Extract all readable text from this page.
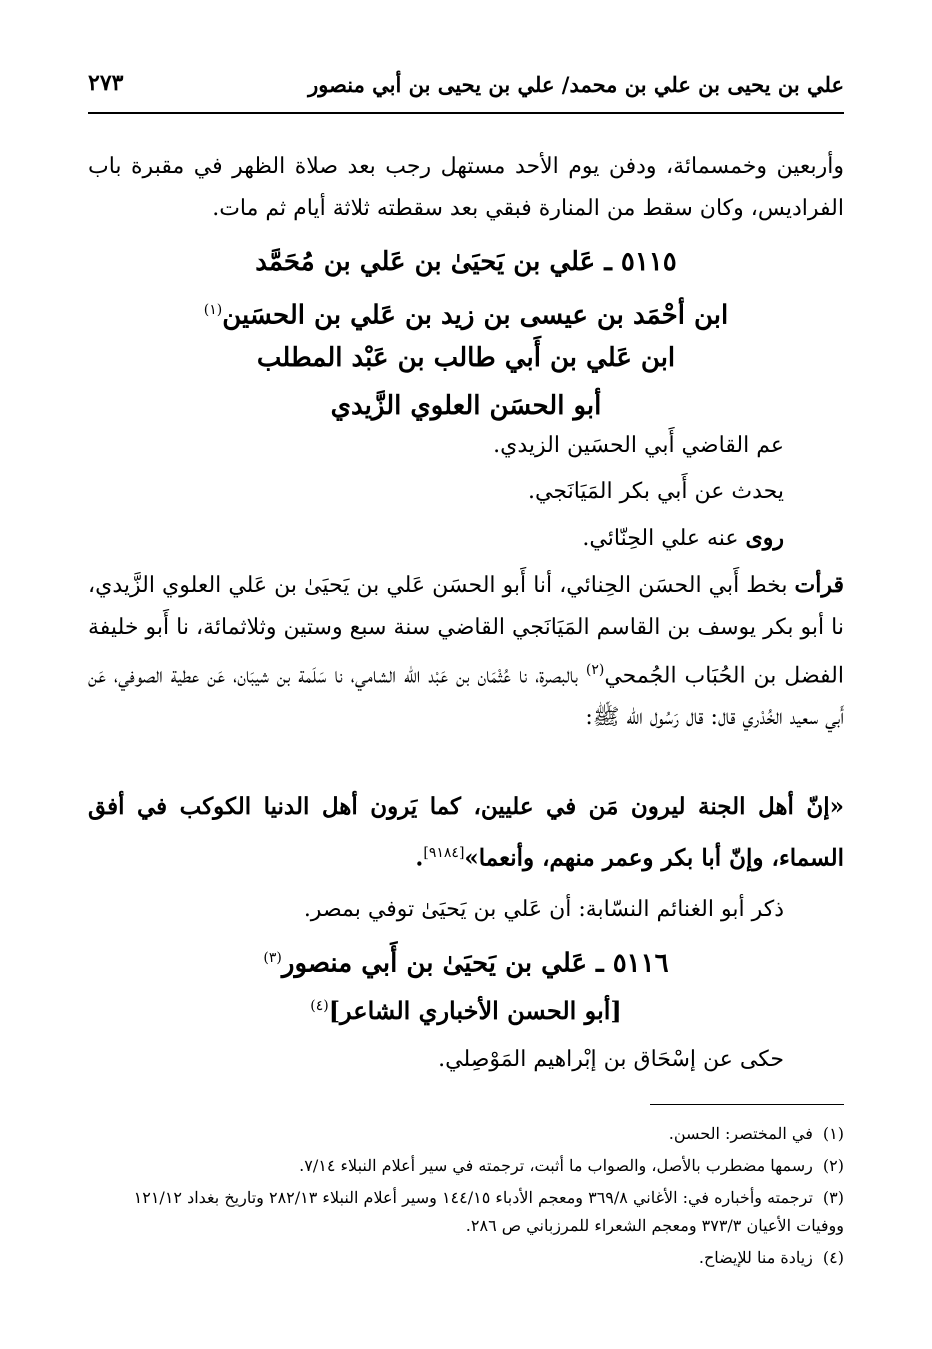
علي بن يحيى بن علي بن محمد/ علي بن يحيى بن أبي منصور
٢٧٣
وأربعين وخمسمائة، ودفن يوم الأحد مستهل رجب بعد صلاة الظهر في مقبرة باب الفراديس، وكان سقط من المنارة فبقي بعد سقطته ثلاثة أيام ثم مات.
٥١١٥ ـ عَلي بن يَحيَىٰ بن عَلي بن مُحَمَّد
ابن أحْمَد بن عيسى بن زيد بن عَلي بن الحسَين$^{(١)}$
ابن عَلي بن أَبي طالب بن عَبْد المطلب
أبو الحسَن العلوي الزَّيدي
عم القاضي أَبي الحسَين الزيدي.
يحدث عن أَبي بكر المَيَانَجي.
روى عنه علي الحِنّائي.
قرأت بخط أَبي الحسَن الحِنائي، أنا أَبو الحسَن عَلي بن يَحيَىٰ بن عَلي العلوي الزَّيدي، نا أبو بكر يوسف بن القاسم المَيَانَجي القاضي سنة سبع وستين وثلاثمائة، نا أَبو خليفة الفضل بن الحُبَاب الجُمحي$^{(٢)}$ بالبصرة، نا عُثْمَان بن عَبْد اللّه الشامي، نا سَلَمة بن شيبَان، عَن عطية الصوفي، عَن أَبي سعيد الخُدْري قال: قال رَسُول الله ﷺ:
«إنّ أهل الجنة ليرون مَن في عليين، كما يَرون أهل الدنيا الكوكب في أفق السماء، وإنّ أبا بكر وعمر منهم، وأنعما»[٩١٨٤].
ذكر أبو الغنائم النسّابة: أن عَلي بن يَحيَىٰ توفي بمصر.
٥١١٦ ـ عَلي بن يَحيَىٰ بن أَبي منصور$^{(٣)}$
[أبو الحسن الأخباري الشاعر]$^{(٤)}$
حكى عن إسْحَاق بن إبْراهيم المَوْصِلي.
(١)في المختصر: الحسن.
(٢)رسمها مضطرب بالأصل، والصواب ما أثبت، ترجمته في سير أعلام النبلاء ٧/١٤.
(٣)ترجمته وأخباره في: الأغاني ٣٦٩/٨ ومعجم الأدباء ١٤٤/١٥ وسير أعلام النبلاء ٢٨٢/١٣ وتاريخ بغداد ١٢١/١٢ ووفيات الأعيان ٣٧٣/٣ ومعجم الشعراء للمرزباني ص ٢٨٦.
(٤)زيادة منا للإيضاح.
